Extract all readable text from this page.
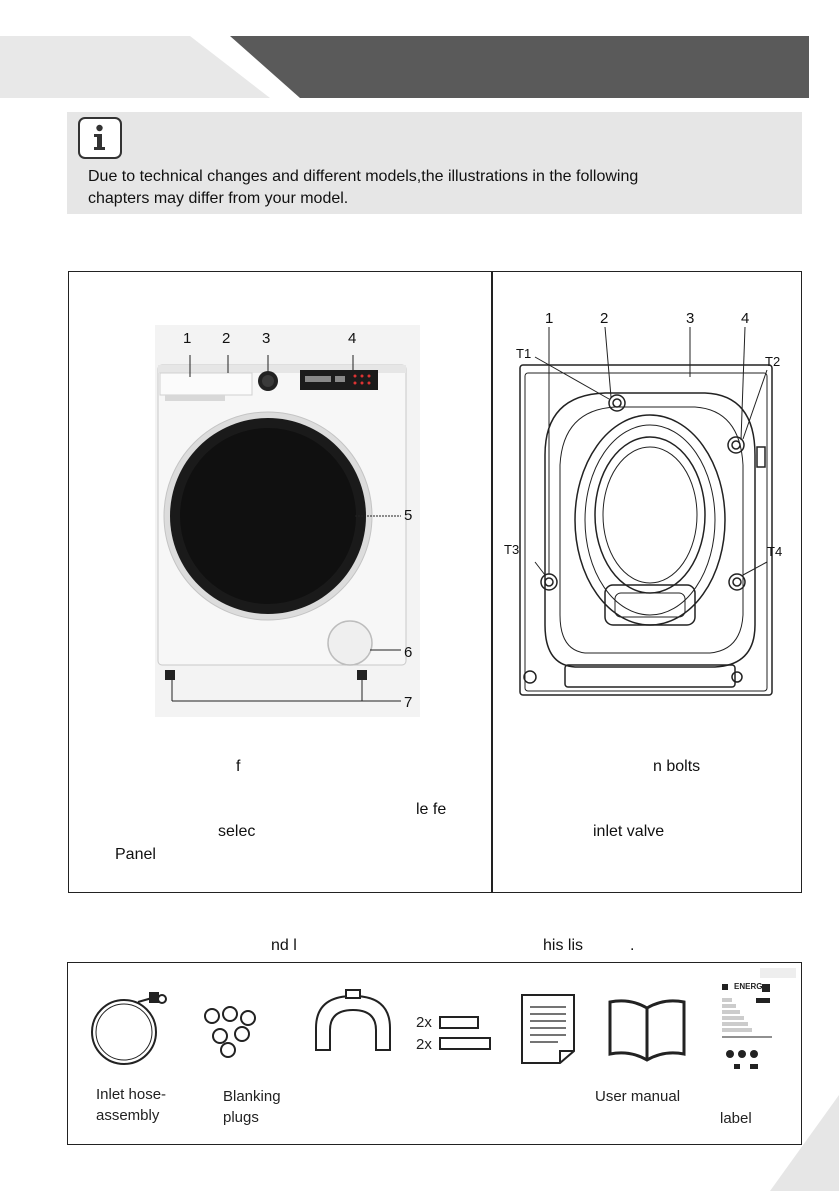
Due to technical changes and different models,the illustrations in the following
chapters may differ from your model.
1 2 3	4
5
6
7
1	2	3	4
T1
T2
T3	T4
f
le fe
selec
Panel
n bolts
inlet valve
nd l	his lis	.
Inlet hose-
assembly
Blanking
plugs
2x
2x
User manual
ENERG
label
